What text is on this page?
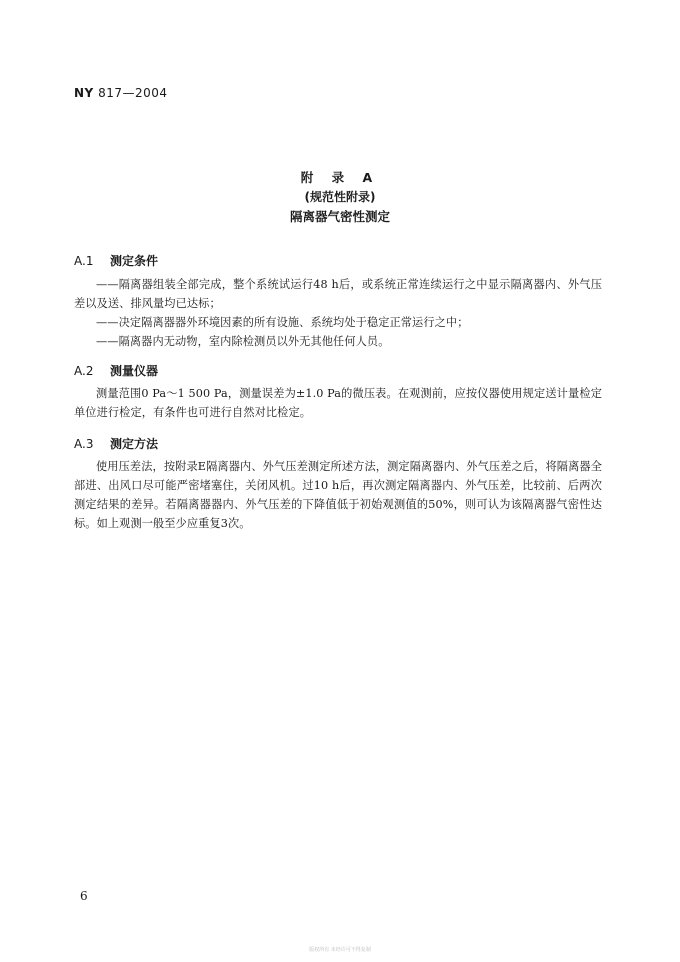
NY 817—2004
附 录 A
(规范性附录)
隔离器气密性测定
A.1 测定条件

——隔离器组装全部完成，整个系统试运行48 h后，或系统正常连续运行之中显示隔离器内、外气压差以及送、排风量均已达标；

——决定隔离器器外环境因素的所有设施、系统均处于稳定正常运行之中；

——隔离器内无动物，室内除检测员以外无其他任何人员。

A.2 测量仪器

测量范围0 Pa～1 500 Pa，测量误差为±1.0 Pa的微压表。在观测前，应按仪器使用规定送计量检定单位进行检定，有条件也可进行自然对比检定。

A.3 测定方法

使用压差法，按附录E隔离器内、外气压差测定所述方法，测定隔离器内、外气压差之后，将隔离器全部进、出风口尽可能严密堵塞住，关闭风机。过10 h后，再次测定隔离器内、外气压差，比较前、后两次测定结果的差异。若隔离器器内、外气压差的下降值低于初始观测值的50%，则可认为该隔离器气密性达标。如上观测一般至少应重复3次。

6
版权所有 未经许可不得复制
